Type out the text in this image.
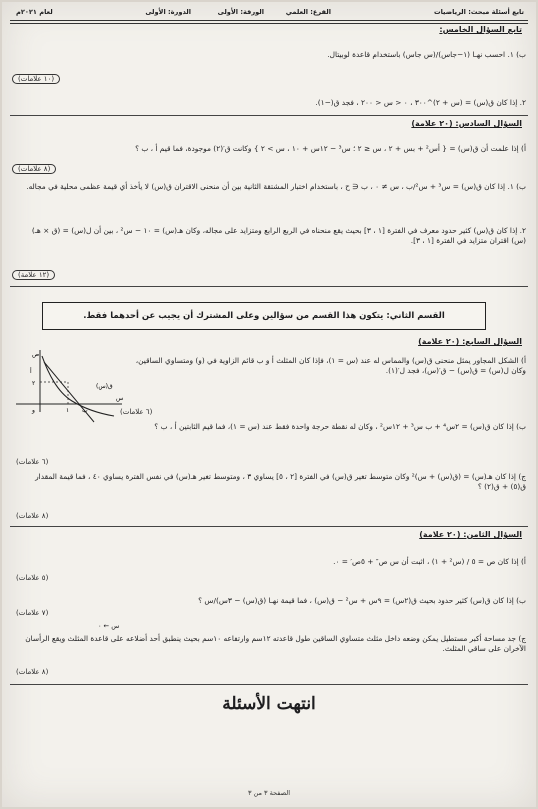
تابع أسئلة مبحث: الرياضيات
الفرع: العلمي
الورقة: الأولى
الدورة: الأولى
لعام ٢٠٢١م
تابع السؤال الخامس:
ب) ١. احسب نهـا (١−جاس)/(س جاس) باستخدام قاعدة لوبيتال.
(١٠ علامات)
٢. إذا كان ق(س) = (س + ٢)^٣٠٠ ، ٠ < س < ٢٠٠ ، فجد ق(−١).
السؤال السادس: (٢٠ علامة)
أ) إذا علمت أن ق(س) = { أس² + بس + ٢ ، س ≤ ٢ ؛ س³ − ١٢س + ١٠ ، س > ٢ } وكانت ق′(٢) موجودة، فما قيم أ ، ب ؟
(٨ علامات)
ب) ١. إذا كان ق(س) = س³ + س²/ب ، س ≠ ٠ ، ب ∈ ح ، باستخدام اختبار المشتقة الثانية بين أن منحنى الاقتران ق(س) لا يأخذ أي قيمة عظمى محلية في مجاله.
٢. إذا كان ق(س) كثير حدود معرف في الفترة [١ ، ٣] بحيث يقع منحناه في الربع الرابع ومتزايد على مجاله، وكان هـ(س) = ١٠ − س² ، بين أن ل(س) = (ق × هـ)(س) اقتران متزايد في الفترة [١ ، ٣].
(١٢ علامة)
القسم الثاني: يتكون هذا القسم من سؤالين وعلى المشترك أن يجيب عن أحدهما فقط.
السؤال السابع: (٢٠ علامة)
أ) الشكل المجاور يمثل منحنى ق(س) والمماس له عند (س = ١)، فإذا كان المثلث أ و ب قائم الزاوية في (و) ومتساوي الساقين، وكان ل(س) = ق(س) − ق′(س)، فجد ل′(١).
(٦ علامات)
ص
س
ق(س)
أ
ب
و
٢
١
ب) إذا كان ق(س) = ٢س⁴ + ب س³ + ١٢س² ، وكان له نقطة حرجة واحدة فقط عند (س = ١)، فما قيم الثابتين أ ، ب ؟
(٦ علامات)
ج) إذا كان هـ(س) = (ق(س) + س)² وكان متوسط تغير ق(س) في الفترة [٢ ، ٥] يساوي ٣ ، ومتوسط تغير هـ(س) في نفس الفترة يساوي ٤٠ ، فما قيمة المقدار ق(٥) + ق(٢) ؟
(٨ علامات)
السؤال الثامن: (٢٠ علامة)
أ) إذا كان ص = ٥ / (س² + ١) ، اثبت أن س ص″ + ٥ص′ = ٠.
(٥ علامات)
ب) إذا كان ق(س) كثير حدود بحيث ق(٢س) = ٩س + س² − ق(س) ، فما قيمة نهـا (ق(س) − ٣س)/س ؟
س ← ٠
(٧ علامات)
ج) جد مساحة أكبر مستطيل يمكن وضعه داخل مثلث متساوي الساقين طول قاعدته ١٢سم وارتفاعه ١٠سم بحيث ينطبق أحد أضلاعه على قاعدة المثلث ويقع الرأسان الآخران على ساقي المثلث.
(٨ علامات)
انتهت الأسئلة
الصفحة ٣ من ٣
